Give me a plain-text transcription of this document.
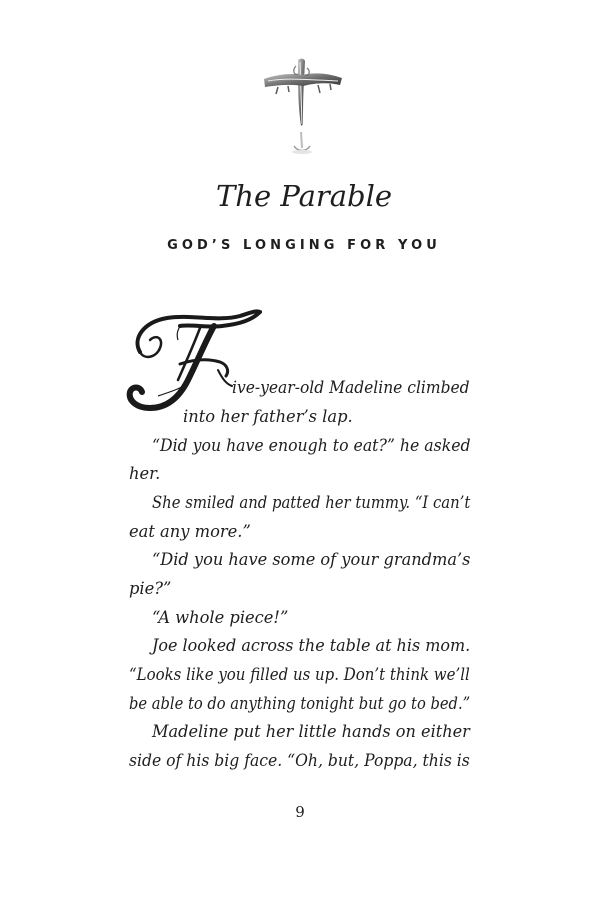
The Parable
GOD’S LONGING FOR YOU

ive-year-old Madeline climbed

into her father’s lap.

“Did you have enough to eat?” he asked

her.

She smiled and patted her tummy. “I can’t

eat any more.”

“Did you have some of your grandma’s

pie?”

“A whole piece!”

Joe looked across the table at his mom.

“Looks like you filled us up. Don’t think we’ll

be able to do anything tonight but go to bed.”

Madeline put her little hands on either

side of his big face. “Oh, but, Poppa, this is

9
